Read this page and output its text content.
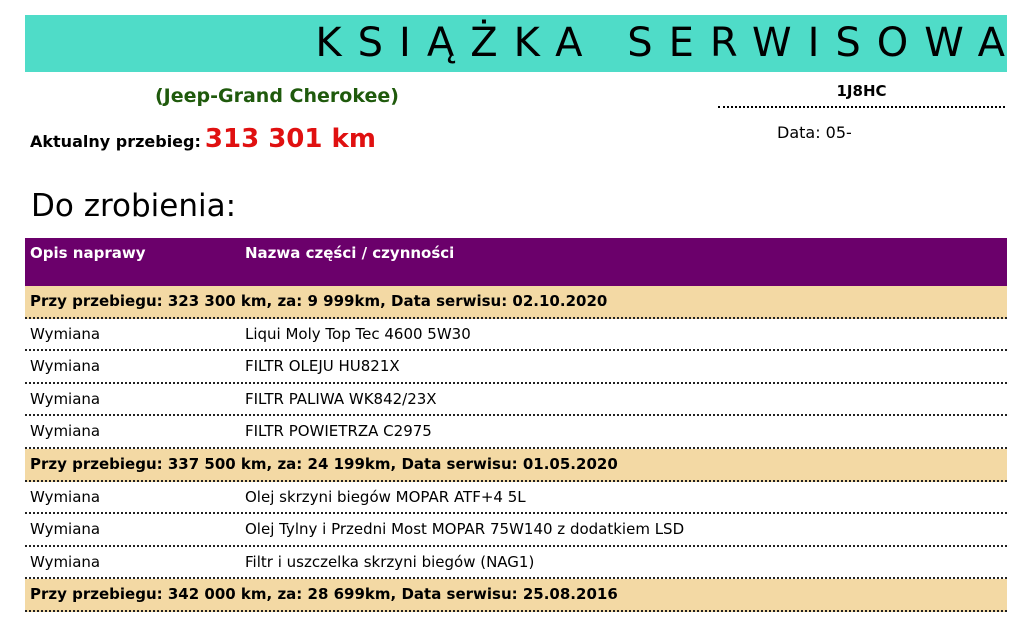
KSIĄŻKA SERWISOWA
(Jeep-Grand Cherokee)	1J8HC
Data: 05-
Aktualny przebieg: 313 301 km
Do zrobienia:
Opis naprawy	Nazwa części / czynności
Przy przebiegu: 323 300 km, za: 9 999km, Data serwisu: 02.10.2020
Wymiana	Liqui Moly Top Tec 4600 5W30
Wymiana	FILTR OLEJU HU821X
Wymiana	FILTR PALIWA WK842/23X
Wymiana	FILTR POWIETRZA C2975
Przy przebiegu: 337 500 km, za: 24 199km, Data serwisu: 01.05.2020
Wymiana	Olej skrzyni biegów MOPAR ATF+4 5L
Wymiana	Olej Tylny i Przedni Most MOPAR 75W140 z dodatkiem LSD
Wymiana	Filtr i uszczelka skrzyni biegów (NAG1)
Przy przebiegu: 342 000 km, za: 28 699km, Data serwisu: 25.08.2016
